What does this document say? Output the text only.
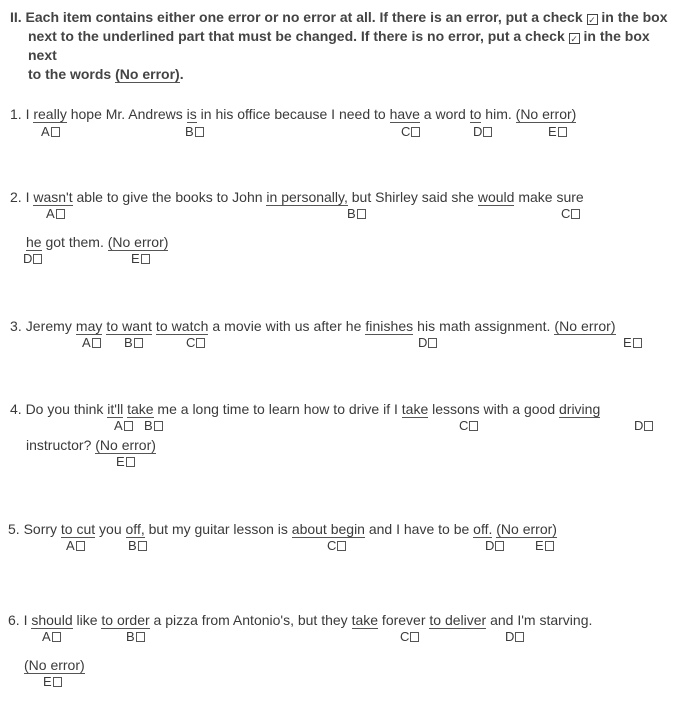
II. Each item contains either one error or no error at all. If there is an error, put a check ✓ in the box
next to the underlined part that must be changed. If there is no error, put a check ✓ in the box next
to the words (No error).
1. I really hope Mr. Andrews is in his office because I need to have a word to him. (No error)
A	B	C	D	E
2. I wasn't able to give the books to John in personally, but Shirley said she would make sure
A	B	C
he got them. (No error)
D	E
3. Jeremy may to want to watch a movie with us after he finishes his math assignment. (No error)
A	B	C	D	E
4. Do you think it'll take me a long time to learn how to drive if I take lessons with a good driving
A	B	C	D
instructor? (No error)
E
5. Sorry to cut you off, but my guitar lesson is about begin and I have to be off. (No error)
A	B	C	D	E
6. I should like to order a pizza from Antonio's, but they take forever to deliver and I'm starving.
A	B	C	D
(No error)
E
